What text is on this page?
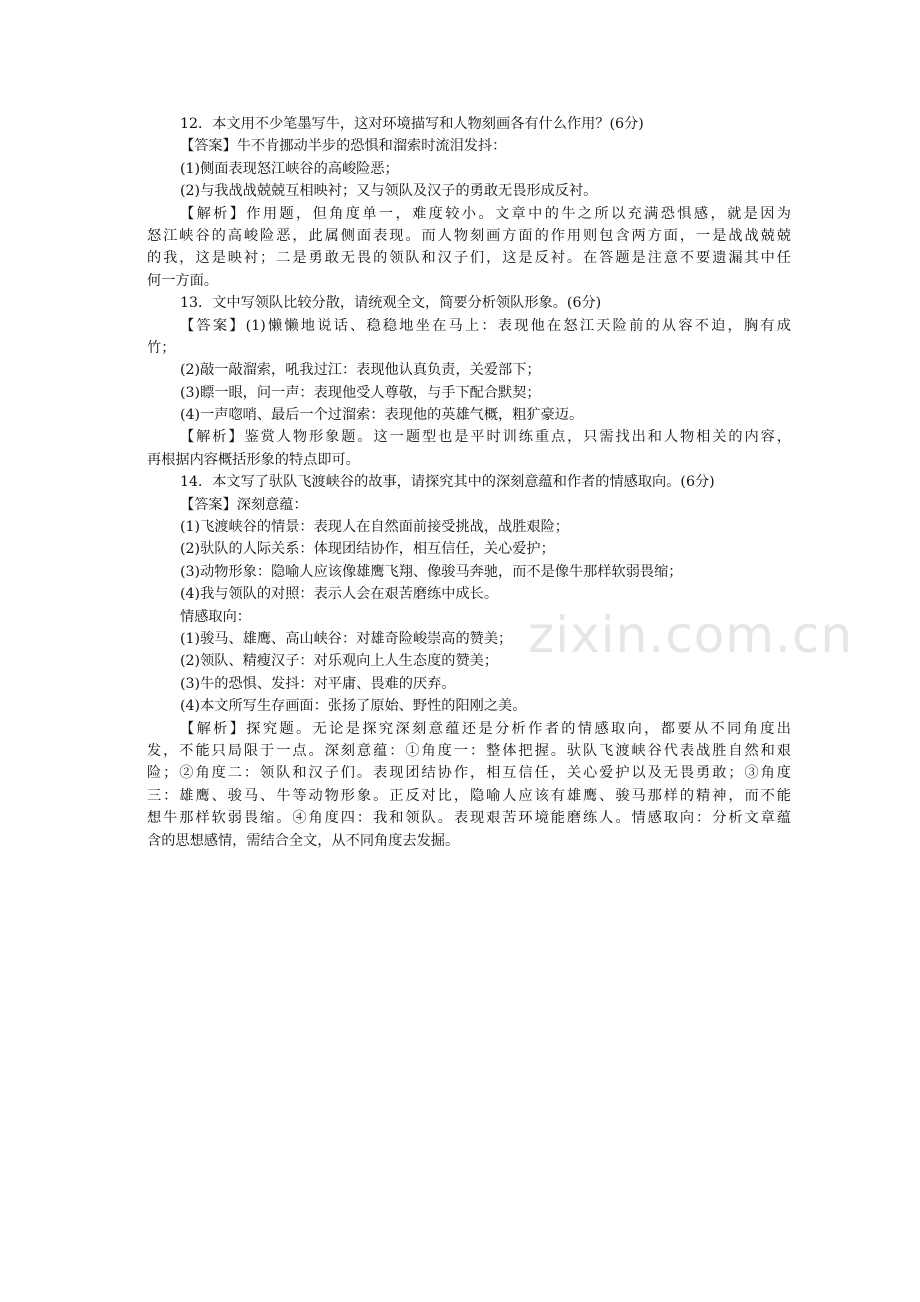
zixin.com.cn
12．本文用不少笔墨写牛，这对环境描写和人物刻画各有什么作用？(6分)
【答案】牛不肯挪动半步的恐惧和溜索时流泪发抖：
(1)侧面表现怒江峡谷的高峻险恶；
(2)与我战战兢兢互相映衬；又与领队及汉子的勇敢无畏形成反衬。
【解析】作用题，但角度单一，难度较小。文章中的牛之所以充满恐惧感，就是因为
怒江峡谷的高峻险恶，此属侧面表现。而人物刻画方面的作用则包含两方面，一是战战兢兢
的我，这是映衬；二是勇敢无畏的领队和汉子们，这是反衬。在答题是注意不要遗漏其中任
何一方面。
13．文中写领队比较分散，请统观全文，简要分析领队形象。(6分)
【答案】(1)懒懒地说话、稳稳地坐在马上：表现他在怒江天险前的从容不迫，胸有成
竹；
(2)敲一敲溜索，吼我过江：表现他认真负责，关爱部下；
(3)瞟一眼，问一声：表现他受人尊敬，与手下配合默契；
(4)一声唿哨、最后一个过溜索：表现他的英雄气概，粗犷豪迈。
【解析】鉴赏人物形象题。这一题型也是平时训练重点，只需找出和人物相关的内容，
再根据内容概括形象的特点即可。
14．本文写了驮队飞渡峡谷的故事，请探究其中的深刻意蕴和作者的情感取向。(6分)
【答案】深刻意蕴：
(1)飞渡峡谷的情景：表现人在自然面前接受挑战，战胜艰险；
(2)驮队的人际关系：体现团结协作，相互信任，关心爱护；
(3)动物形象：隐喻人应该像雄鹰飞翔、像骏马奔驰，而不是像牛那样软弱畏缩；
(4)我与领队的对照：表示人会在艰苦磨练中成长。
情感取向：
(1)骏马、雄鹰、高山峡谷：对雄奇险峻崇高的赞美；
(2)领队、精瘦汉子：对乐观向上人生态度的赞美；
(3)牛的恐惧、发抖：对平庸、畏难的厌弃。
(4)本文所写生存画面：张扬了原始、野性的阳刚之美。
【解析】探究题。无论是探究深刻意蕴还是分析作者的情感取向，都要从不同角度出
发，不能只局限于一点。深刻意蕴：①角度一：整体把握。驮队飞渡峡谷代表战胜自然和艰
险；②角度二：领队和汉子们。表现团结协作，相互信任，关心爱护以及无畏勇敢；③角度
三：雄鹰、骏马、牛等动物形象。正反对比，隐喻人应该有雄鹰、骏马那样的精神，而不能
想牛那样软弱畏缩。④角度四：我和领队。表现艰苦环境能磨练人。情感取向：分析文章蕴
含的思想感情，需结合全文，从不同角度去发掘。
